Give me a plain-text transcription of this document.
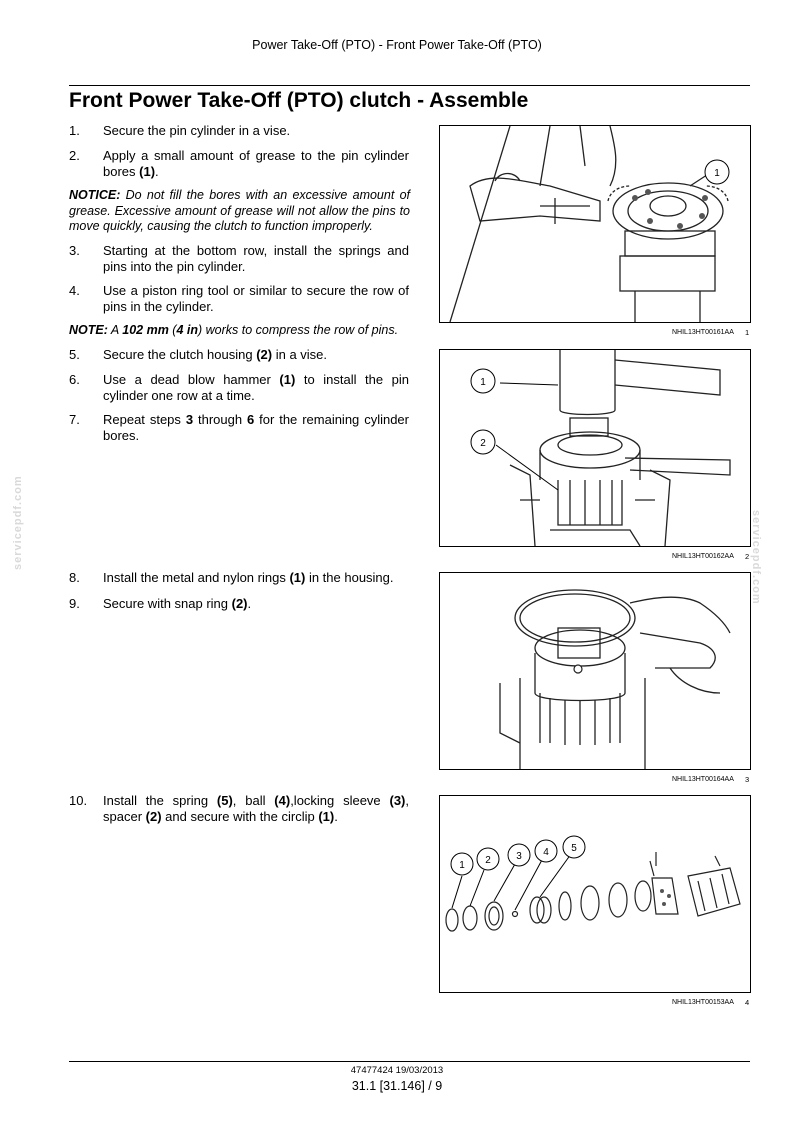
Power Take-Off (PTO) - Front Power Take-Off (PTO)
Front Power Take-Off (PTO) clutch - Assemble
1. Secure the pin cylinder in a vise.
2. Apply a small amount of grease to the pin cylinder bores (1).
NOTICE: Do not fill the bores with an excessive amount of grease. Excessive amount of grease will not allow the pins to move quickly, causing the clutch to function improperly.
3. Starting at the bottom row, install the springs and pins into the pin cylinder.
4. Use a piston ring tool or similar to secure the row of pins in the cylinder.
NOTE: A 102 mm (4 in) works to compress the row of pins.
5. Secure the clutch housing (2) in a vise.
6. Use a dead blow hammer (1) to install the pin cylinder one row at a time.
7. Repeat steps 3 through 6 for the remaining cylinder bores.
8. Install the metal and nylon rings (1) in the housing.
9. Secure with snap ring (2).
10. Install the spring (5), ball (4),locking sleeve (3), spacer (2) and secure with the circlip (1).
1
NHIL13HT00161AA 1
1
2
NHIL13HT00162AA 2
NHIL13HT00164AA 3
1 2	3 4 5
NHIL13HT00153AA 4
servicepdf.com	servicepdf.com
47477424 19/03/2013
31.1 [31.146] / 9
